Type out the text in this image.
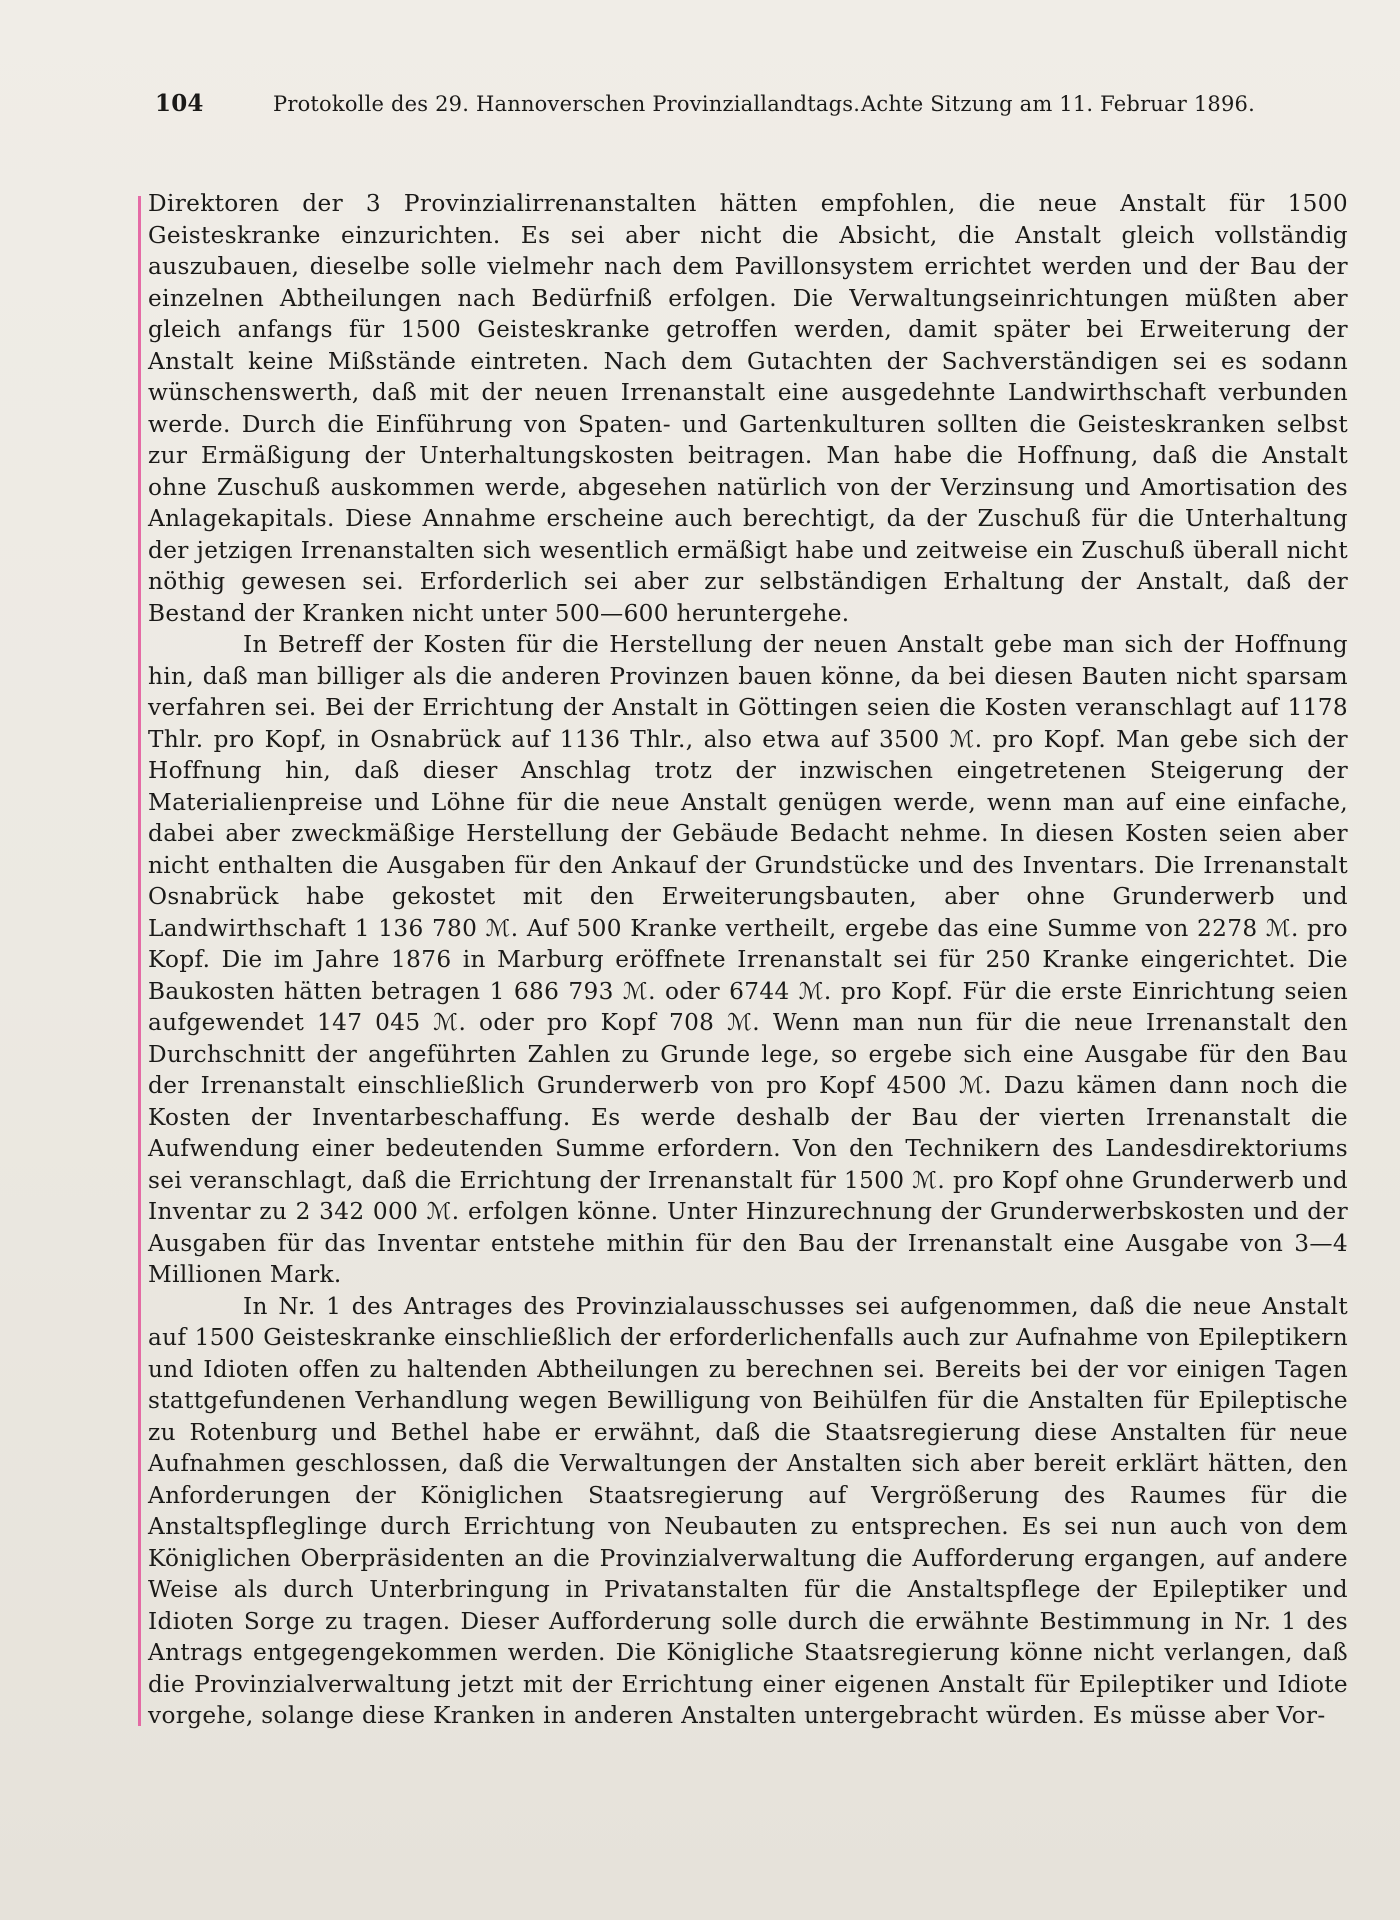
104	Protokolle des 29. Hannoverschen Provinziallandtags. Achte Sitzung am 11. Februar 1896.

Direktoren der 3 Provinzialirrenanstalten hätten empfohlen, die neue Anstalt für 1500 Geisteskranke einzurichten. Es sei aber nicht die Absicht, die Anstalt gleich vollständig auszubauen, dieselbe solle vielmehr nach dem Pavillonsystem errichtet werden und der Bau der einzelnen Abtheilungen nach Bedürfniß erfolgen. Die Verwaltungseinrichtungen müßten aber gleich anfangs für 1500 Geisteskranke getroffen werden, damit später bei Erweiterung der Anstalt keine Mißstände eintreten. Nach dem Gutachten der Sachverständigen sei es sodann wünschenswerth, daß mit der neuen Irrenanstalt eine ausgedehnte Landwirthschaft verbunden werde. Durch die Einführung von Spaten- und Gartenkulturen sollten die Geisteskranken selbst zur Ermäßigung der Unterhaltungskosten beitragen. Man habe die Hoffnung, daß die Anstalt ohne Zuschuß auskommen werde, abgesehen natürlich von der Verzinsung und Amortisation des Anlagekapitals. Diese Annahme erscheine auch berechtigt, da der Zuschuß für die Unterhaltung der jetzigen Irrenanstalten sich wesentlich ermäßigt habe und zeitweise ein Zuschuß überall nicht nöthig gewesen sei. Erforderlich sei aber zur selbständigen Erhaltung der Anstalt, daß der Bestand der Kranken nicht unter 500—600 heruntergehe.

In Betreff der Kosten für die Herstellung der neuen Anstalt gebe man sich der Hoffnung hin, daß man billiger als die anderen Provinzen bauen könne, da bei diesen Bauten nicht sparsam verfahren sei. Bei der Errichtung der Anstalt in Göttingen seien die Kosten veranschlagt auf 1178 Thlr. pro Kopf, in Osnabrück auf 1136 Thlr., also etwa auf 3500 ℳ. pro Kopf. Man gebe sich der Hoffnung hin, daß dieser Anschlag trotz der inzwischen eingetretenen Steigerung der Materialienpreise und Löhne für die neue Anstalt genügen werde, wenn man auf eine einfache, dabei aber zweckmäßige Herstellung der Gebäude Bedacht nehme. In diesen Kosten seien aber nicht enthalten die Ausgaben für den Ankauf der Grundstücke und des Inventars. Die Irrenanstalt Osnabrück habe gekostet mit den Erweiterungsbauten, aber ohne Grunderwerb und Landwirthschaft 1 136 780 ℳ. Auf 500 Kranke vertheilt, ergebe das eine Summe von 2278 ℳ. pro Kopf. Die im Jahre 1876 in Marburg eröffnete Irrenanstalt sei für 250 Kranke eingerichtet. Die Baukosten hätten betragen 1 686 793 ℳ. oder 6744 ℳ. pro Kopf. Für die erste Einrichtung seien aufgewendet 147 045 ℳ. oder pro Kopf 708 ℳ. Wenn man nun für die neue Irrenanstalt den Durchschnitt der angeführten Zahlen zu Grunde lege, so ergebe sich eine Ausgabe für den Bau der Irrenanstalt einschließlich Grunderwerb von pro Kopf 4500 ℳ. Dazu kämen dann noch die Kosten der Inventarbeschaffung. Es werde deshalb der Bau der vierten Irrenanstalt die Aufwendung einer bedeutenden Summe erfordern. Von den Technikern des Landesdirektoriums sei veranschlagt, daß die Errichtung der Irrenanstalt für 1500 ℳ. pro Kopf ohne Grunderwerb und Inventar zu 2 342 000 ℳ. erfolgen könne. Unter Hinzurechnung der Grunderwerbskosten und der Ausgaben für das Inventar entstehe mithin für den Bau der Irrenanstalt eine Ausgabe von 3—4 Millionen Mark.

In Nr. 1 des Antrages des Provinzialausschusses sei aufgenommen, daß die neue Anstalt auf 1500 Geisteskranke einschließlich der erforderlichenfalls auch zur Aufnahme von Epileptikern und Idioten offen zu haltenden Abtheilungen zu berechnen sei. Bereits bei der vor einigen Tagen stattgefundenen Verhandlung wegen Bewilligung von Beihülfen für die Anstalten für Epileptische zu Rotenburg und Bethel habe er erwähnt, daß die Staatsregierung diese Anstalten für neue Aufnahmen geschlossen, daß die Verwaltungen der Anstalten sich aber bereit erklärt hätten, den Anforderungen der Königlichen Staatsregierung auf Vergrößerung des Raumes für die Anstaltspfleglinge durch Errichtung von Neubauten zu entsprechen. Es sei nun auch von dem Königlichen Oberpräsidenten an die Provinzialverwaltung die Aufforderung ergangen, auf andere Weise als durch Unterbringung in Privatanstalten für die Anstaltspflege der Epileptiker und Idioten Sorge zu tragen. Dieser Aufforderung solle durch die erwähnte Bestimmung in Nr. 1 des Antrags entgegengekommen werden. Die Königliche Staatsregierung könne nicht verlangen, daß die Provinzialverwaltung jetzt mit der Errichtung einer eigenen Anstalt für Epileptiker und Idiote vorgehe, solange diese Kranken in anderen Anstalten untergebracht würden. Es müsse aber Vor-
